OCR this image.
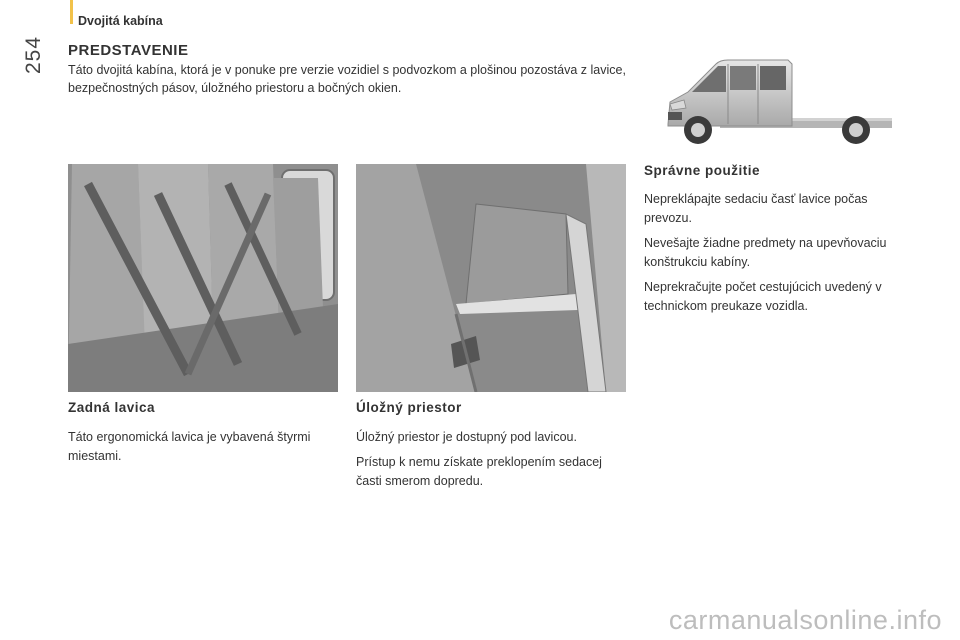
254
Dvojitá kabína
PREDSTAVENIE
Táto dvojitá kabína, ktorá je v ponuke pre verzie vozidiel s podvozkom a plošinou pozostáva z lavice, bezpečnostných pásov, úložného priestoru a bočných okien.
Zadná lavica

Táto ergonomická lavica je vybavená štyrmi miestami.

Úložný priestor

Úložný priestor je dostupný pod lavicou.

Prístup k nemu získate preklopením sedacej časti smerom dopredu.

Správne použitie

Nepreklápajte sedaciu časť lavice počas prevozu.

Nevešajte žiadne predmety na upevňovaciu konštrukciu kabíny.

Neprekračujte počet cestujúcich uvedený v technickom preukaze vozidla.

carmanualsonline.info
